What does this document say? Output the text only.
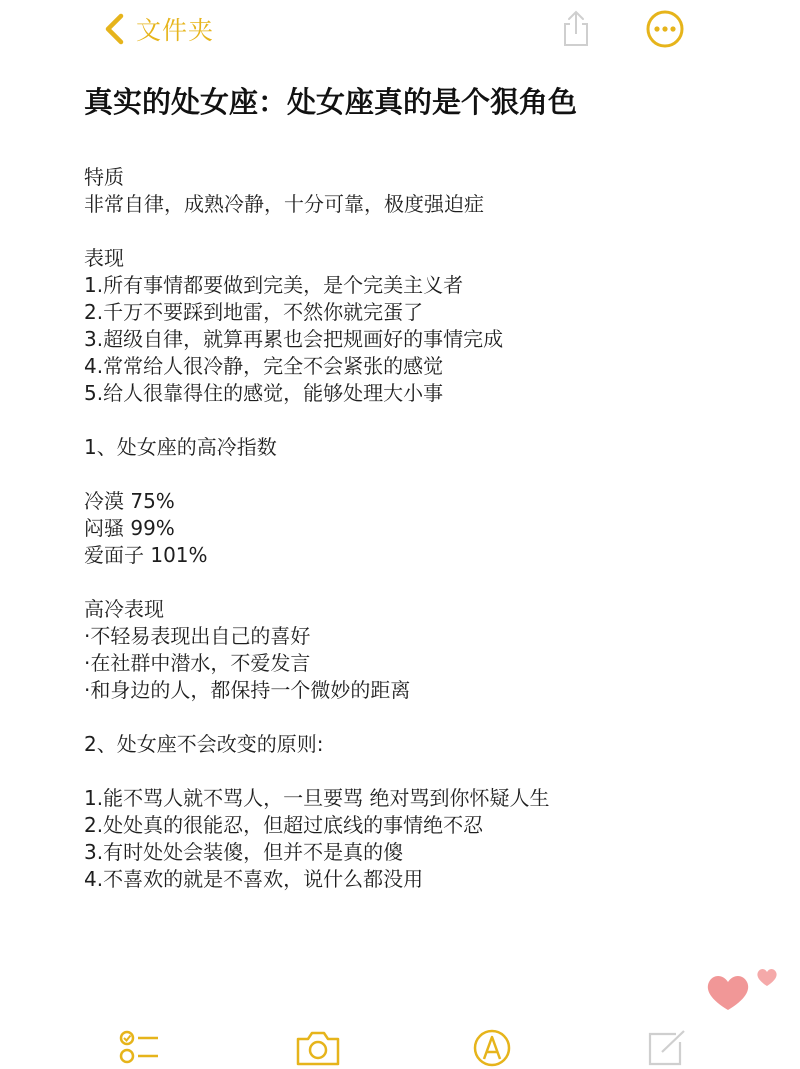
文件夹
真实的处女座：处女座真的是个狠角色
特质
非常自律，成熟冷静，十分可靠，极度强迫症
表现
1.所有事情都要做到完美，是个完美主义者
2.千万不要踩到地雷，不然你就完蛋了
3.超级自律，就算再累也会把规画好的事情完成
4.常常给人很冷静，完全不会紧张的感觉
5.给人很靠得住的感觉，能够处理大小事
1、处女座的高冷指数
冷漠 75%
闷骚 99%
爱面子 101%
高冷表现
·不轻易表现出自己的喜好
·在社群中潜水，不爱发言
·和身边的人，都保持一个微妙的距离
2、处女座不会改变的原则:
1.能不骂人就不骂人，一旦要骂 绝对骂到你怀疑人生
2.处处真的很能忍，但超过底线的事情绝不忍
3.有时处处会装傻，但并不是真的傻
4.不喜欢的就是不喜欢，说什么都没用
